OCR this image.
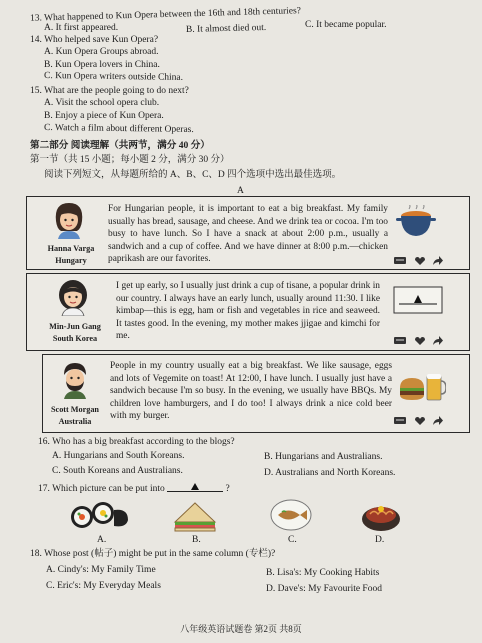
13. What happened to Kun Opera between the 16th and 18th centuries?
A. It first appeared.	B. It almost died out.	C. It became popular.
14. Who helped save Kun Opera?
A. Kun Opera Groups abroad.
B. Kun Opera lovers in China.
C. Kun Opera writers outside China.
15. What are the people going to do next?
A. Visit the school opera club.
B. Enjoy a piece of Kun Opera.
C. Watch a film about different Operas.
第二部分 阅读理解（共两节，满分 40 分）
第一节（共 15 小题；每小题 2 分，满分 30 分）
阅读下列短文，从每题所给的 A、B、C、D 四个选项中选出最佳选项。
A
Hanna Varga
Hungary
For Hungarian people, it is important to eat a big breakfast. My family usually has bread, sausage, and cheese. And we drink tea or cocoa. I'm too busy to have lunch. So I have a snack at about 2:00 p.m., usually a sandwich and a cup of coffee. And we have dinner at 8:00 p.m.—chicken paprikash are our favorites.
Min-Jun Gang
South Korea
I get up early, so I usually just drink a cup of tisane, a popular drink in our country. I always have an early lunch, usually around 11:30. I like kimbap—this is egg, ham or fish and vegetables in rice and seaweed. It tastes good. In the evening, my mother makes jjigae and kimchi for me.
Scott Morgan
Australia
People in my country usually eat a big breakfast. We like sausage, eggs and lots of Vegemite on toast! At 12:00, I have lunch. I usually just have a sandwich because I'm so busy. In the evening, we usually have BBQs. My children love hamburgers, and I do too! I always drink a nice cold beer with my burger.
16. Who has a big breakfast according to the blogs?
A. Hungarians and South Koreans.	B. Hungarians and Australians.
C. South Koreans and Australians.	D. Australians and North Koreans.
17. Which picture can be put into	?
A.	B.	C.	D.
18. Whose post (帖子) might be put in the same column (专栏)?
A. Cindy's: My Family Time	B. Lisa's: My Cooking Habits
C. Eric's: My Everyday Meals	D. Dave's: My Favourite Food
八年级英语试题卷 第2页 共8页
